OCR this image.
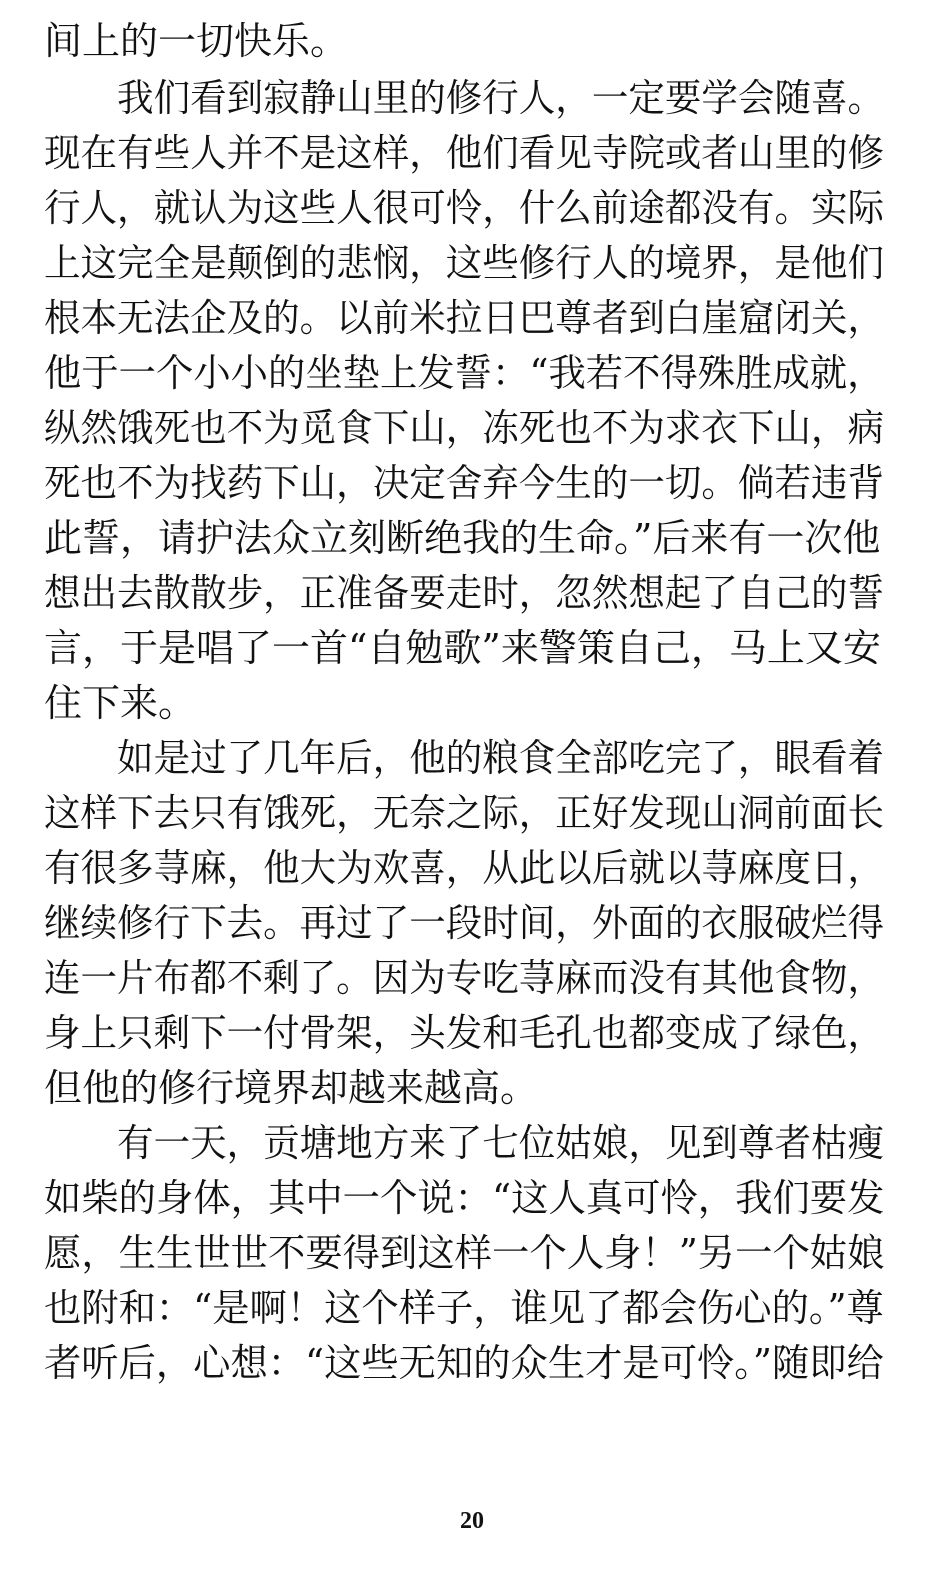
间上的一切快乐。
　　我们看到寂静山里的修行人，一定要学会随喜。
现在有些人并不是这样，他们看见寺院或者山里的修
行人，就认为这些人很可怜，什么前途都没有。实际
上这完全是颠倒的悲悯，这些修行人的境界，是他们
根本无法企及的。以前米拉日巴尊者到白崖窟闭关，
他于一个小小的坐垫上发誓：“我若不得殊胜成就，
纵然饿死也不为觅食下山，冻死也不为求衣下山，病
死也不为找药下山，决定舍弃今生的一切。倘若违背
此誓，请护法众立刻断绝我的生命。”后来有一次他
想出去散散步，正准备要走时，忽然想起了自己的誓
言，于是唱了一首“自勉歌”来警策自己，马上又安
住下来。
　　如是过了几年后，他的粮食全部吃完了，眼看着
这样下去只有饿死，无奈之际，正好发现山洞前面长
有很多荨麻，他大为欢喜，从此以后就以荨麻度日，
继续修行下去。再过了一段时间，外面的衣服破烂得
连一片布都不剩了。因为专吃荨麻而没有其他食物，
身上只剩下一付骨架，头发和毛孔也都变成了绿色，
但他的修行境界却越来越高。
　　有一天，贡塘地方来了七位姑娘，见到尊者枯瘦
如柴的身体，其中一个说：“这人真可怜，我们要发
愿，生生世世不要得到这样一个人身！”另一个姑娘
也附和：“是啊！这个样子，谁见了都会伤心的。”尊
者听后，心想：“这些无知的众生才是可怜。”随即给
20
